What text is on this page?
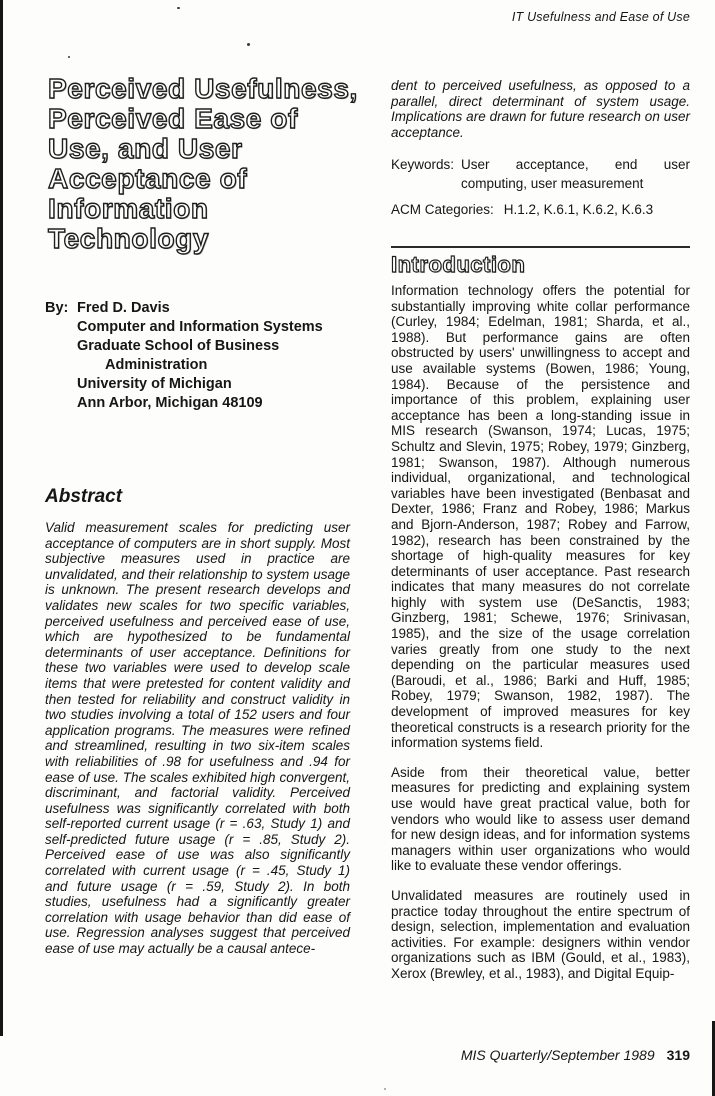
IT Usefulness and Ease of Use
Perceived Usefulness,
Perceived Ease of
Use, and User
Acceptance of
Information
Technology
By: Fred D. Davis
Computer and Information Systems
Graduate School of Business
Administration
University of Michigan
Ann Arbor, Michigan 48109
Abstract
Valid measurement scales for predicting user acceptance of computers are in short supply. Most subjective measures used in practice are unvalidated, and their relationship to system usage is unknown. The present research develops and validates new scales for two specific variables, perceived usefulness and perceived ease of use, which are hypothesized to be fundamental determinants of user acceptance. Definitions for these two variables were used to develop scale items that were pretested for content validity and then tested for reliability and construct validity in two studies involving a total of 152 users and four application programs. The measures were refined and streamlined, resulting in two six-item scales with reliabilities of .98 for usefulness and .94 for ease of use. The scales exhibited high convergent, discriminant, and factorial validity. Perceived usefulness was significantly correlated with both self-reported current usage (r = .63, Study 1) and self-predicted future usage (r = .85, Study 2). Perceived ease of use was also significantly correlated with current usage (r = .45, Study 1) and future usage (r = .59, Study 2). In both studies, usefulness had a significantly greater correlation with usage behavior than did ease of use. Regression analyses suggest that perceived ease of use may actually be a causal antece-
dent to perceived usefulness, as opposed to a parallel, direct determinant of system usage. Implications are drawn for future research on user acceptance.
Keywords: User acceptance, end user
computing, user measurement
ACM Categories: H.1.2, K.6.1, K.6.2, K.6.3
Introduction

Information technology offers the potential for substantially improving white collar performance (Curley, 1984; Edelman, 1981; Sharda, et al., 1988). But performance gains are often obstructed by users' unwillingness to accept and use available systems (Bowen, 1986; Young, 1984). Because of the persistence and importance of this problem, explaining user acceptance has been a long-standing issue in MIS research (Swanson, 1974; Lucas, 1975; Schultz and Slevin, 1975; Robey, 1979; Ginzberg, 1981; Swanson, 1987). Although numerous individual, organizational, and technological variables have been investigated (Benbasat and Dexter, 1986; Franz and Robey, 1986; Markus and Bjorn-Anderson, 1987; Robey and Farrow, 1982), research has been constrained by the shortage of high-quality measures for key determinants of user acceptance. Past research indicates that many measures do not correlate highly with system use (DeSanctis, 1983; Ginzberg, 1981; Schewe, 1976; Srinivasan, 1985), and the size of the usage correlation varies greatly from one study to the next depending on the particular measures used (Baroudi, et al., 1986; Barki and Huff, 1985; Robey, 1979; Swanson, 1982, 1987). The development of improved measures for key theoretical constructs is a research priority for the information systems field.

Aside from their theoretical value, better measures for predicting and explaining system use would have great practical value, both for vendors who would like to assess user demand for new design ideas, and for information systems managers within user organizations who would like to evaluate these vendor offerings.

Unvalidated measures are routinely used in practice today throughout the entire spectrum of design, selection, implementation and evaluation activities. For example: designers within vendor organizations such as IBM (Gould, et al., 1983), Xerox (Brewley, et al., 1983), and Digital Equip-

MIS Quarterly/September 1989 319
